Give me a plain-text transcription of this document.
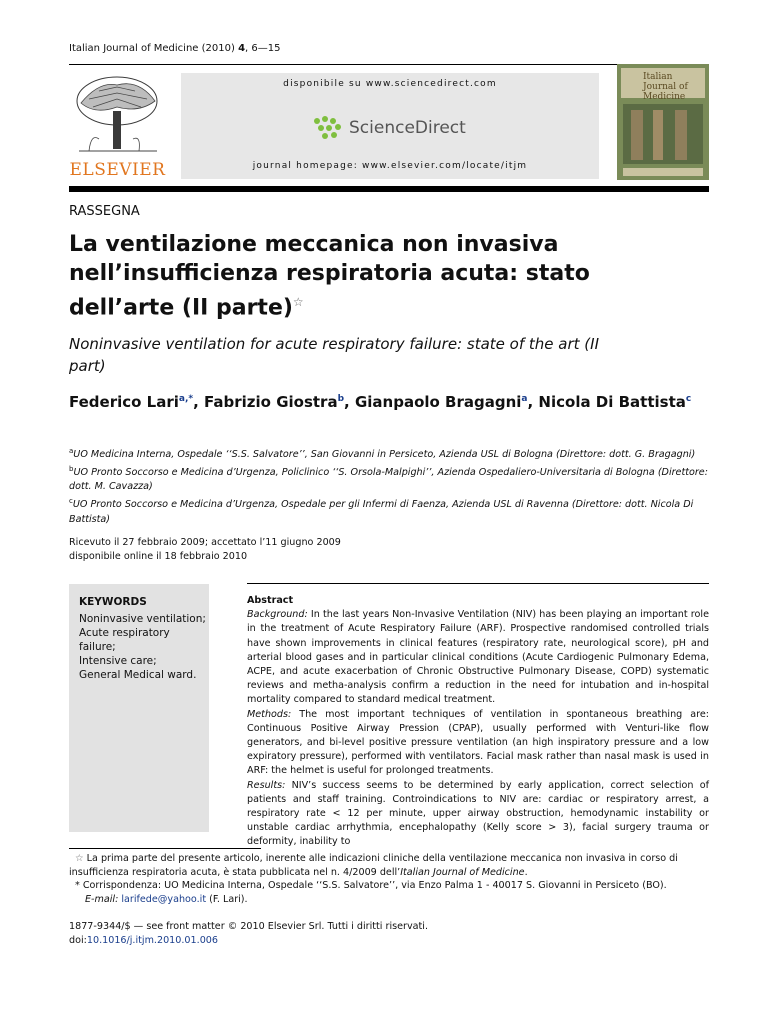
Italian Journal of Medicine (2010) 4, 6—15
ELSEVIER
disponibile su www.sciencedirect.com
ScienceDirect
journal homepage: www.elsevier.com/locate/itjm
Italian Journal of Medicine
RASSEGNA
La ventilazione meccanica non invasiva nell’insufficienza respiratoria acuta: stato dell’arte (II parte)☆
Noninvasive ventilation for acute respiratory failure: state of the art (II part)
Federico Lari$^{a,*}$, Fabrizio Giostra$^b$, Gianpaolo Bragagni$^a$, Nicola Di Battista$^c$
$^a$UO Medicina Interna, Ospedale ‘‘S.S. Salvatore’’, San Giovanni in Persiceto, Azienda USL di Bologna (Direttore: dott. G. Bragagni)
$^b$UO Pronto Soccorso e Medicina d’Urgenza, Policlinico ‘‘S. Orsola-Malpighi’’, Azienda Ospedaliero-Universitaria di Bologna (Direttore: dott. M. Cavazza)
$^c$UO Pronto Soccorso e Medicina d’Urgenza, Ospedale per gli Infermi di Faenza, Azienda USL di Ravenna (Direttore: dott. Nicola Di Battista)
Ricevuto il 27 febbraio 2009; accettato l’11 giugno 2009
disponibile online il 18 febbraio 2010
KEYWORDS
Noninvasive ventilation;
Acute respiratory failure;
Intensive care;
General Medical ward.
Abstract
Background: In the last years Non-Invasive Ventilation (NIV) has been playing an important role in the treatment of Acute Respiratory Failure (ARF). Prospective randomised controlled trials have shown improvements in clinical features (respiratory rate, neurological score), pH and arterial blood gases and in particular clinical conditions (Acute Cardiogenic Pulmonary Edema, ACPE, and acute exacerbation of Chronic Obstructive Pulmonary Disease, COPD) systematic reviews and metha-analysis confirm a reduction in the need for intubation and in-hospital mortality compared to standard medical treatment.
Methods: The most important techniques of ventilation in spontaneous breathing are: Continuous Positive Airway Pression (CPAP), usually performed with Venturi-like flow generators, and bi-level positive pressure ventilation (an high inspiratory pressure and a low expiratory pressure), performed with ventilators. Facial mask rather than nasal mask is used in ARF: the helmet is useful for prolonged treatments.
Results: NIV’s success seems to be determined by early application, correct selection of patients and staff training. Controindications to NIV are: cardiac or respiratory arrest, a respiratory rate < 12 per minute, upper airway obstruction, hemodynamic instability or unstable cardiac arrhythmia, encephalopathy (Kelly score > 3), facial surgery trauma or deformity, inability to
☆ La prima parte del presente articolo, inerente alle indicazioni cliniche della ventilazione meccanica non invasiva in corso di insufficienza respiratoria acuta, è stata pubblicata nel n. 4/2009 dell’Italian Journal of Medicine.
* Corrispondenza: UO Medicina Interna, Ospedale ‘‘S.S. Salvatore’’, via Enzo Palma 1 - 40017 S. Giovanni in Persiceto (BO).
E-mail: larifede@yahoo.it (F. Lari).
1877-9344/$ — see front matter © 2010 Elsevier Srl. Tutti i diritti riservati.
doi:10.1016/j.itjm.2010.01.006
